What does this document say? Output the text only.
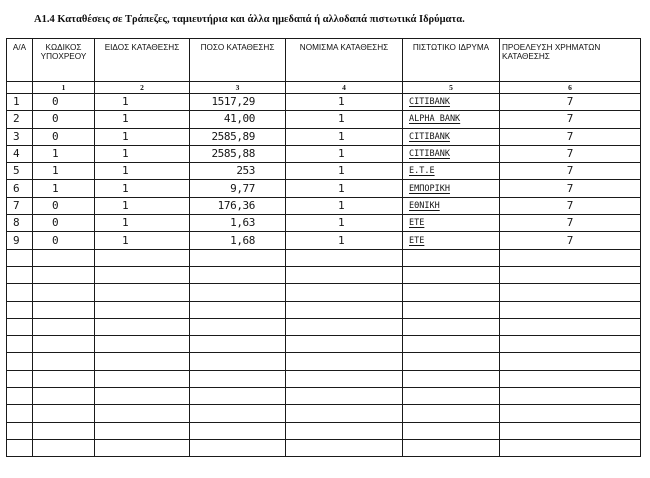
Α1.4 Καταθέσεις σε Τράπεζες, ταμιευτήρια και άλλα ημεδαπά ή αλλοδαπά πιστωτικά Ιδρύματα.
Α/Α	ΚΩΔΙΚΟΣ ΥΠΟΧΡΕΟΥ	ΕΙΔΟΣ ΚΑΤΑΘΕΣΗΣ	ΠΟΣΟ ΚΑΤΑΘΕΣΗΣ	ΝΟΜΙΣΜΑ ΚΑΤΑΘΕΣΗΣ	ΠΙΣΤΩΤΙΚΟ ΙΔΡΥΜΑ	ΠΡΟΕΛΕΥΣΗ ΧΡΗΜΑΤΩΝ ΚΑΤΑΘΕΣΗΣ
	1	2	3	4	5	6
1	0	1	1517,29	1	CITIBANK	7
2	0	1	41,00	1	ALPHA BANK	7
3	0	1	2585,89	1	CITIBANK	7
4	1	1	2585,88	1	CITIBANK	7
5	1	1	253	1	Ε.Τ.Ε	7
6	1	1	9,77	1	ΕΜΠΟΡΙΚΗ	7
7	0	1	176,36	1	ΕΘΝΙΚΗ	7
8	0	1	1,63	1	ΕΤΕ	7
9	0	1	1,68	1	ΕΤΕ	7
